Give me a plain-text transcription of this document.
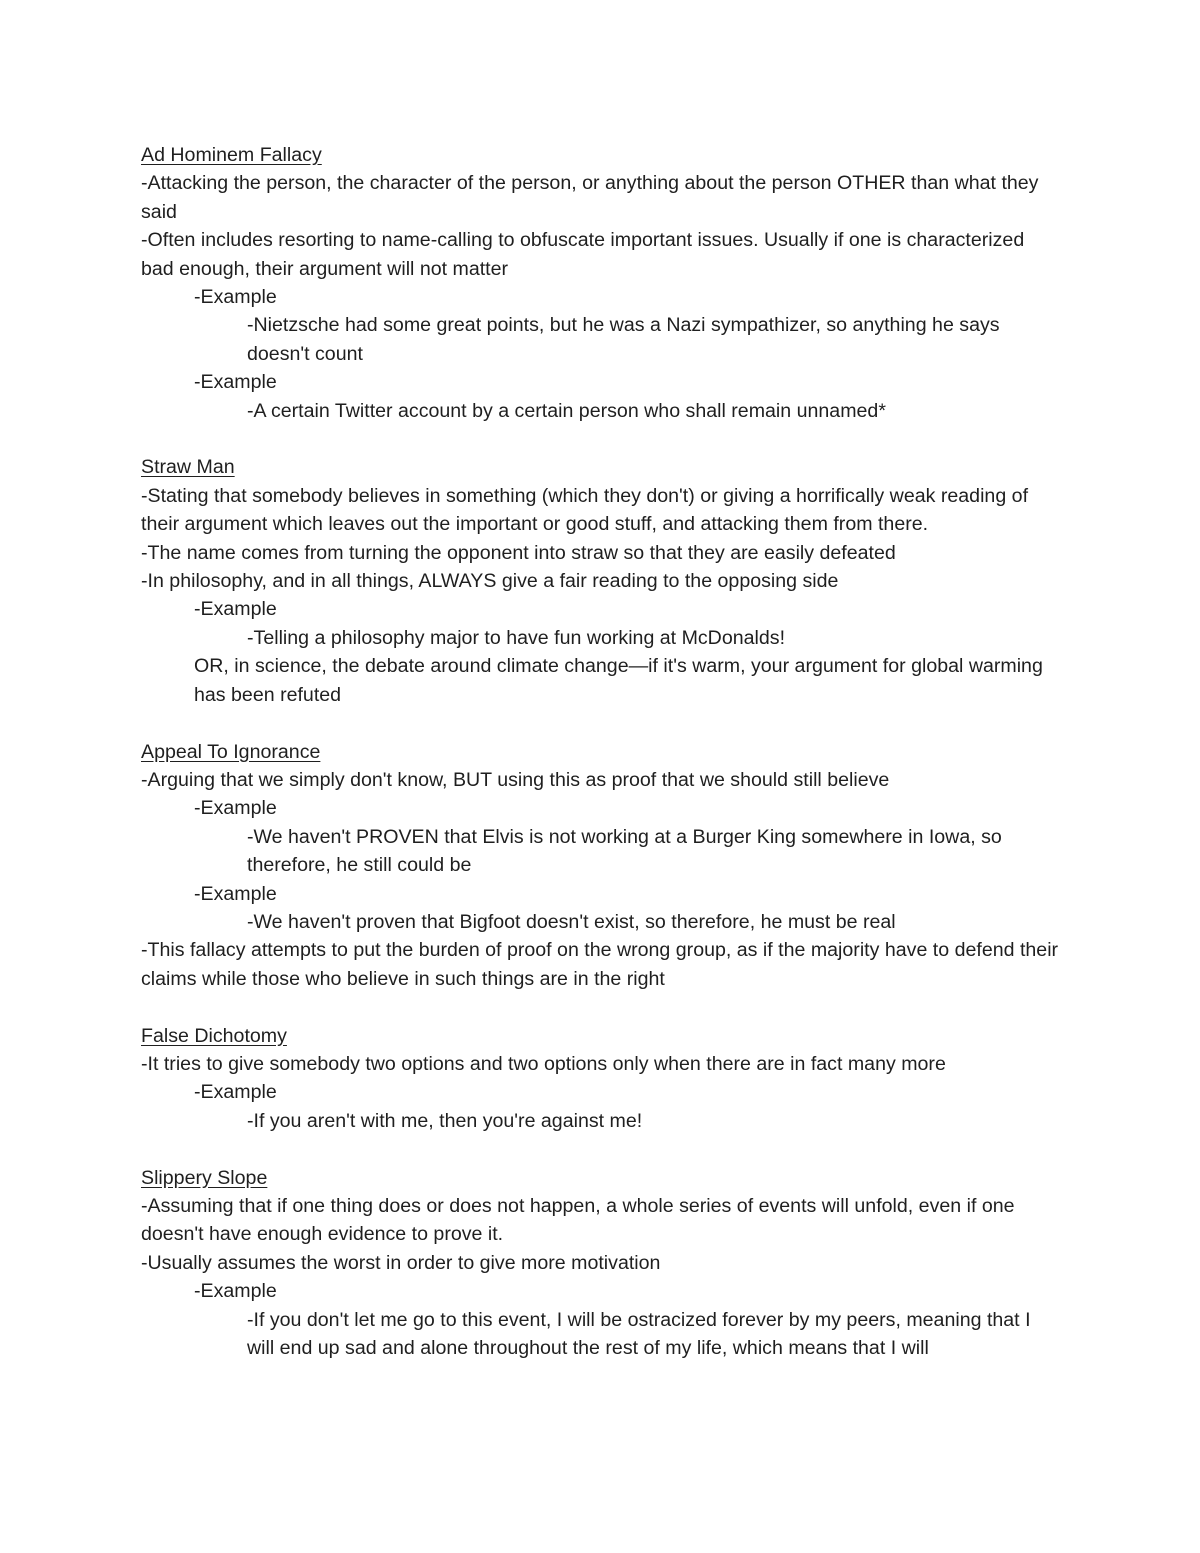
Ad Hominem Fallacy
-Attacking the person, the character of the person, or anything about the person OTHER than what they said
-Often includes resorting to name-calling to obfuscate important issues. Usually if one is characterized bad enough, their argument will not matter
-Example
-Nietzsche had some great points, but he was a Nazi sympathizer, so anything he says doesn't count
-Example
-A certain Twitter account by a certain person who shall remain unnamed*
Straw Man
-Stating that somebody believes in something (which they don't) or giving a horrifically weak reading of their argument which leaves out the important or good stuff, and attacking them from there.
-The name comes from turning the opponent into straw so that they are easily defeated
-In philosophy, and in all things, ALWAYS give a fair reading to the opposing side
-Example
-Telling a philosophy major to have fun working at McDonalds!
OR, in science, the debate around climate change—if it's warm, your argument for global warming has been refuted
Appeal To Ignorance
-Arguing that we simply don't know, BUT using this as proof that we should still believe
-Example
-We haven't PROVEN that Elvis is not working at a Burger King somewhere in Iowa, so therefore, he still could be
-Example
-We haven't proven that Bigfoot doesn't exist, so therefore, he must be real
-This fallacy attempts to put the burden of proof on the wrong group, as if the majority have to defend their claims while those who believe in such things are in the right
False Dichotomy
-It tries to give somebody two options and two options only when there are in fact many more
-Example
-If you aren't with me, then you're against me!
Slippery Slope
-Assuming that if one thing does or does not happen, a whole series of events will unfold, even if one doesn't have enough evidence to prove it.
-Usually assumes the worst in order to give more motivation
-Example
-If you don't let me go to this event, I will be ostracized forever by my peers, meaning that I will end up sad and alone throughout the rest of my life, which means that I will
